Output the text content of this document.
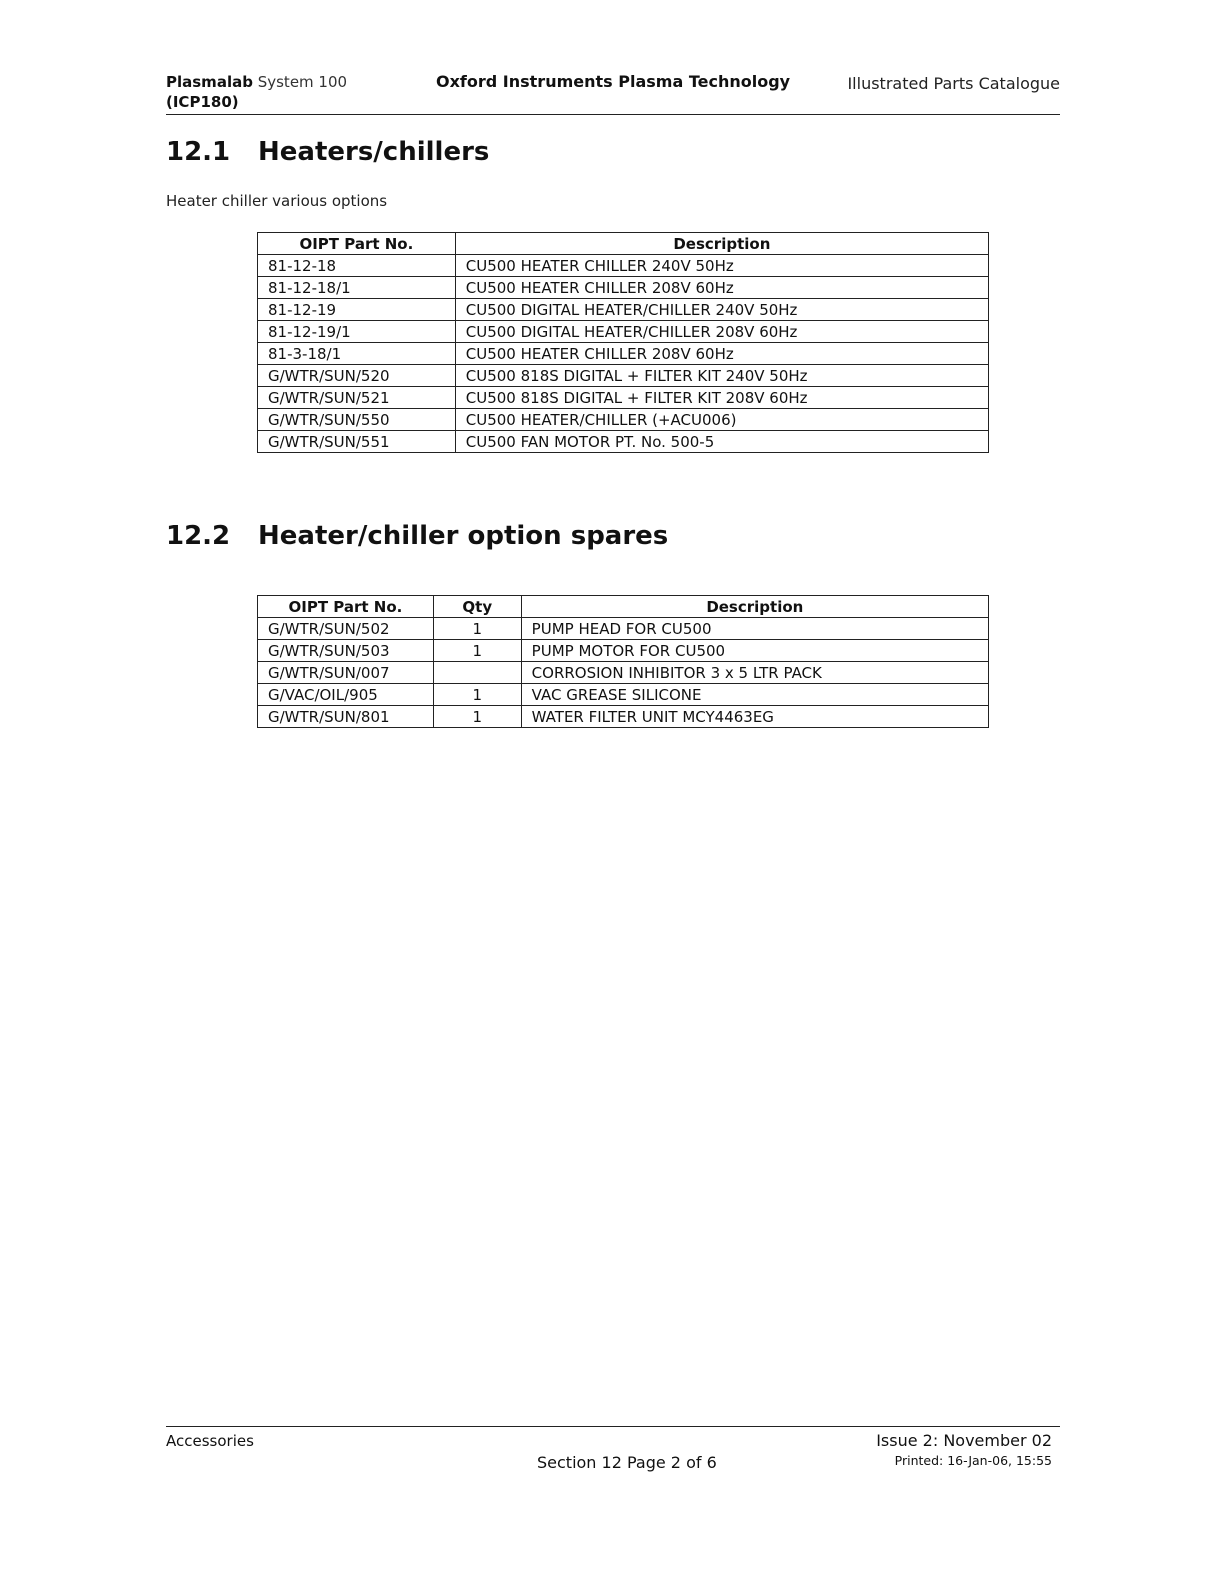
Plasmalab System 100
(ICP180)
Oxford Instruments Plasma Technology	Illustrated Parts Catalogue
12.1 Heaters/chillers
Heater chiller various options
OIPT Part No.	Description
81-12-18	CU500 HEATER CHILLER 240V 50Hz
81-12-18/1	CU500 HEATER CHILLER 208V 60Hz
81-12-19	CU500 DIGITAL HEATER/CHILLER 240V 50Hz
81-12-19/1	CU500 DIGITAL HEATER/CHILLER 208V 60Hz
81-3-18/1	CU500 HEATER CHILLER 208V 60Hz
G/WTR/SUN/520	CU500 818S DIGITAL + FILTER KIT 240V 50Hz
G/WTR/SUN/521	CU500 818S DIGITAL + FILTER KIT 208V 60Hz
G/WTR/SUN/550	CU500 HEATER/CHILLER (+ACU006)
G/WTR/SUN/551	CU500 FAN MOTOR PT. No. 500-5
12.2 Heater/chiller option spares
OIPT Part No.	Qty	Description
G/WTR/SUN/502	1	PUMP HEAD FOR CU500
G/WTR/SUN/503	1	PUMP MOTOR FOR CU500
G/WTR/SUN/007		CORROSION INHIBITOR 3 x 5 LTR PACK
G/VAC/OIL/905	1	VAC GREASE SILICONE
G/WTR/SUN/801	1	WATER FILTER UNIT MCY4463EG
Accessories
Section 12 Page 2 of 6
Issue 2: November 02
Printed: 16-Jan-06, 15:55
